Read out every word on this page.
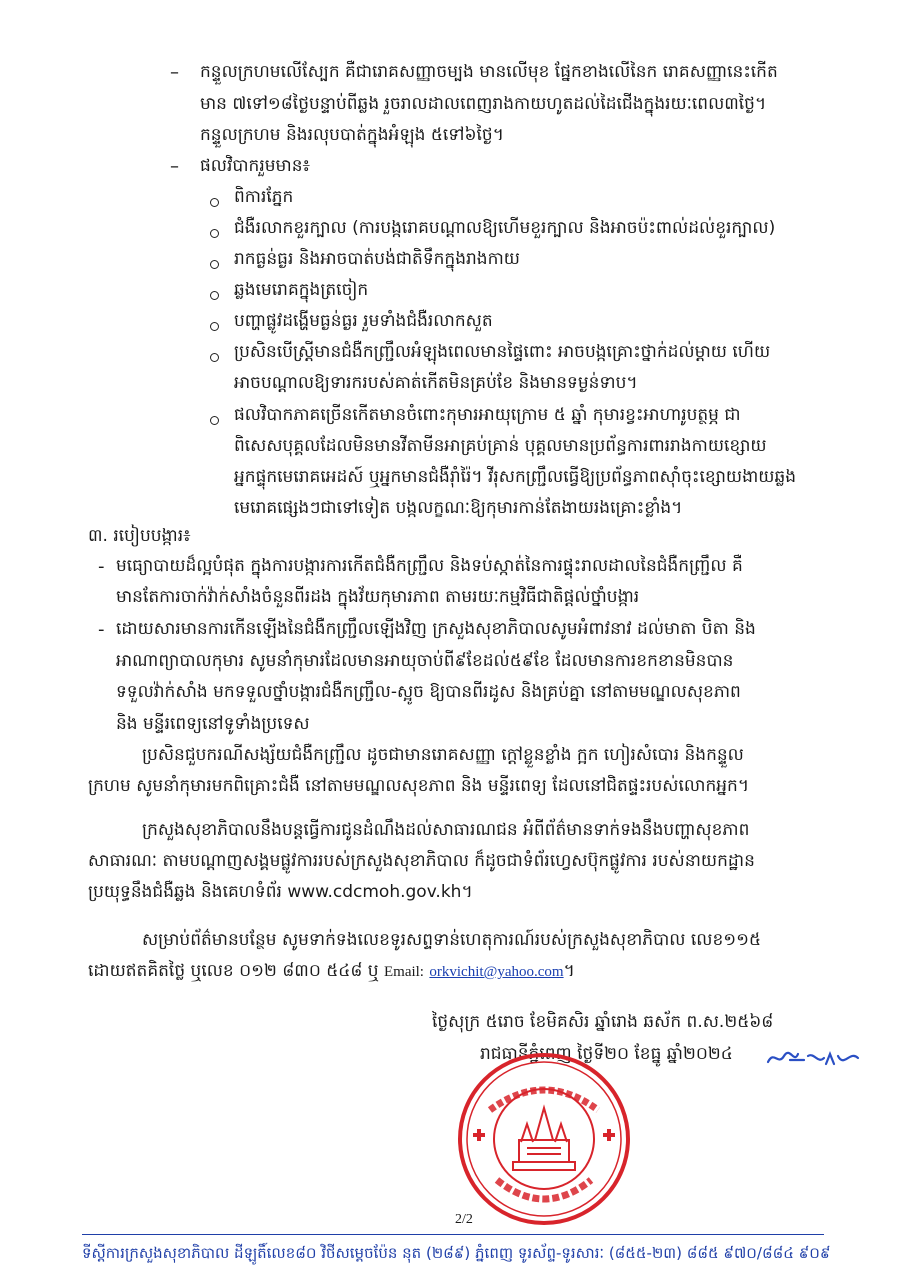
– កន្ទួលក្រហមលើស្បែក គឺជារោគសញ្ញាចម្បង មានលើមុខ ផ្នែកខាងលើនៃក រោគសញ្ញានេះកើត
មាន ៧ទៅ១៨ថ្ងៃបន្ទាប់ពីឆ្លង រួចរាលដាលពេញរាងកាយហូតដល់ដៃជើងក្នុងរយៈពេល៣ថ្ងៃ។
កន្ទួលក្រហម និងរលុបបាត់ក្នុងអំឡុង ៥ទៅ៦ថ្ងៃ។
– ផលវិបាករួមមាន៖
ពិការភ្នែក
ជំងឺរលាកខួរក្បាល (ការបង្ករោគបណ្ដាលឱ្យហើមខួរក្បាល និងអាចប៉ះពាល់ដល់ខួរក្បាល)
រាកធ្ងន់ធ្ងរ និងអាចបាត់បង់ជាតិទឹកក្នុងរាងកាយ
ឆ្លងមេរោគក្នុងត្រចៀក
បញ្ហាផ្លូវដង្ហើមធ្ងន់ធ្ងរ រួមទាំងជំងឺរលាកសួត
ប្រសិនបើស្ត្រីមានជំងឺកញ្ជ្រឹលអំឡុងពេលមានផ្ទៃពោះ អាចបង្កគ្រោះថ្នាក់ដល់ម្ដាយ ហើយ
អាចបណ្ដាលឱ្យទារករបស់គាត់កើតមិនគ្រប់ខែ និងមានទម្ងន់ទាប។
ផលវិបាកភាគច្រើនកើតមានចំពោះកុមារអាយុក្រោម ៥ ឆ្នាំ កុមារខ្វះអាហារូបត្ថម្ភ ជា
ពិសេសបុគ្គលដែលមិនមានវីតាមីនអាគ្រប់គ្រាន់ បុគ្គលមានប្រព័ន្ធការពាររាងកាយខ្សោយ
អ្នកផ្ទុកមេរោគអេដស៍ ឬអ្នកមានជំងឺរ៉ាំរ៉ៃ។ វីរុសកញ្ជ្រឹលធ្វើឱ្យប្រព័ន្ធភាពស៊ាំចុះខ្សោយងាយឆ្លង
មេរោគផ្សេងៗជាទៅទៀត បង្កលក្ខណៈឱ្យកុមារកាន់តែងាយរងគ្រោះខ្លាំង។
៣. របៀបបង្ការ៖
- មធ្យោបាយដ៏ល្អបំផុត ក្នុងការបង្ការការកើតជំងឺកញ្ជ្រឹល និងទប់ស្កាត់នៃការផ្ទុះរាលដាលនៃជំងឺកញ្ជ្រឹល គឺ
មានតែការចាក់វ៉ាក់សាំងចំនួនពីរដង ក្នុងវ័យកុមារភាព តាមរយៈកម្មវិធីជាតិផ្ដល់ថ្នាំបង្ការ
- ដោយសារមានការកើនឡើងនៃជំងឺកញ្ជ្រឹលឡើងវិញ ក្រសួងសុខាភិបាលសូមអំពាវនាវ ដល់មាតា បិតា និង
អាណាព្យាបាលកុមារ សូមនាំកុមារដែលមានអាយុចាប់ពី៩ខែដល់៥៩ខែ ដែលមានការខកខានមិនបាន
ទទួលវ៉ាក់សាំង មកទទួលថ្នាំបង្ការជំងឺកញ្ជ្រឹល-ស្អូច ឱ្យបានពីរដូស និងគ្រប់គ្នា នៅតាមមណ្ឌលសុខភាព
និង មន្ទីរពេទ្យនៅទូទាំងប្រទេស
ប្រសិនជួបករណីសង្ស័យជំងឺកញ្ជ្រឹល ដូចជាមានរោគសញ្ញា ក្ដៅខ្លួនខ្លាំង ក្អក ហៀរសំបោរ និងកន្ទួល
ក្រហម សូមនាំកុមារមកពិគ្រោះជំងឺ នៅតាមមណ្ឌលសុខភាព និង មន្ទីរពេទ្យ ដែលនៅជិតផ្ទះរបស់លោកអ្នក។
ក្រសួងសុខាភិបាលនឹងបន្តធ្វើការជូនដំណឹងដល់សាធារណជន អំពីព័ត៌មានទាក់ទងនឹងបញ្ហាសុខភាព
សាធារណៈ តាមបណ្ដាញសង្គមផ្លូវការរបស់ក្រសួងសុខាភិបាល ក៏ដូចជាទំព័រហ្វេសប៊ុកផ្លូវការ របស់នាយកដ្ឋាន
ប្រយុទ្ធនឹងជំងឺឆ្លង និងគេហទំព័រ www.cdcmoh.gov.kh។
សម្រាប់ព័ត៌មានបន្ថែម សូមទាក់ទងលេខទូរសព្ទទាន់ហេតុការណ៍របស់ក្រសួងសុខាភិបាល លេខ១១៥
ដោយឥតគិតថ្លៃ ឬលេខ ០១២ ៨៣០ ៥៤៨ ឬ Email: orkvichit@yahoo.com។
ថ្ងៃសុក្រ ៥រោច ខែមិគសិរ ឆ្នាំរោង ឆស័ក ព.ស.២៥៦៨
រាជធានីភ្នំពេញ ថ្ងៃទី២០ ខែធ្នូ ឆ្នាំ២០២៤
2/2
ទីស្តីការក្រសួងសុខាភិបាល ដីឡូតិ៍លេខ៨០ វិថីសម្ដេចប៉ែន នុត (២៨៩) ភ្នំពេញ ទូរស័ព្ទ-ទូរសារៈ (៨៥៥-២៣) ៨៨៥ ៩៧០/៨៨៤ ៩០៩
